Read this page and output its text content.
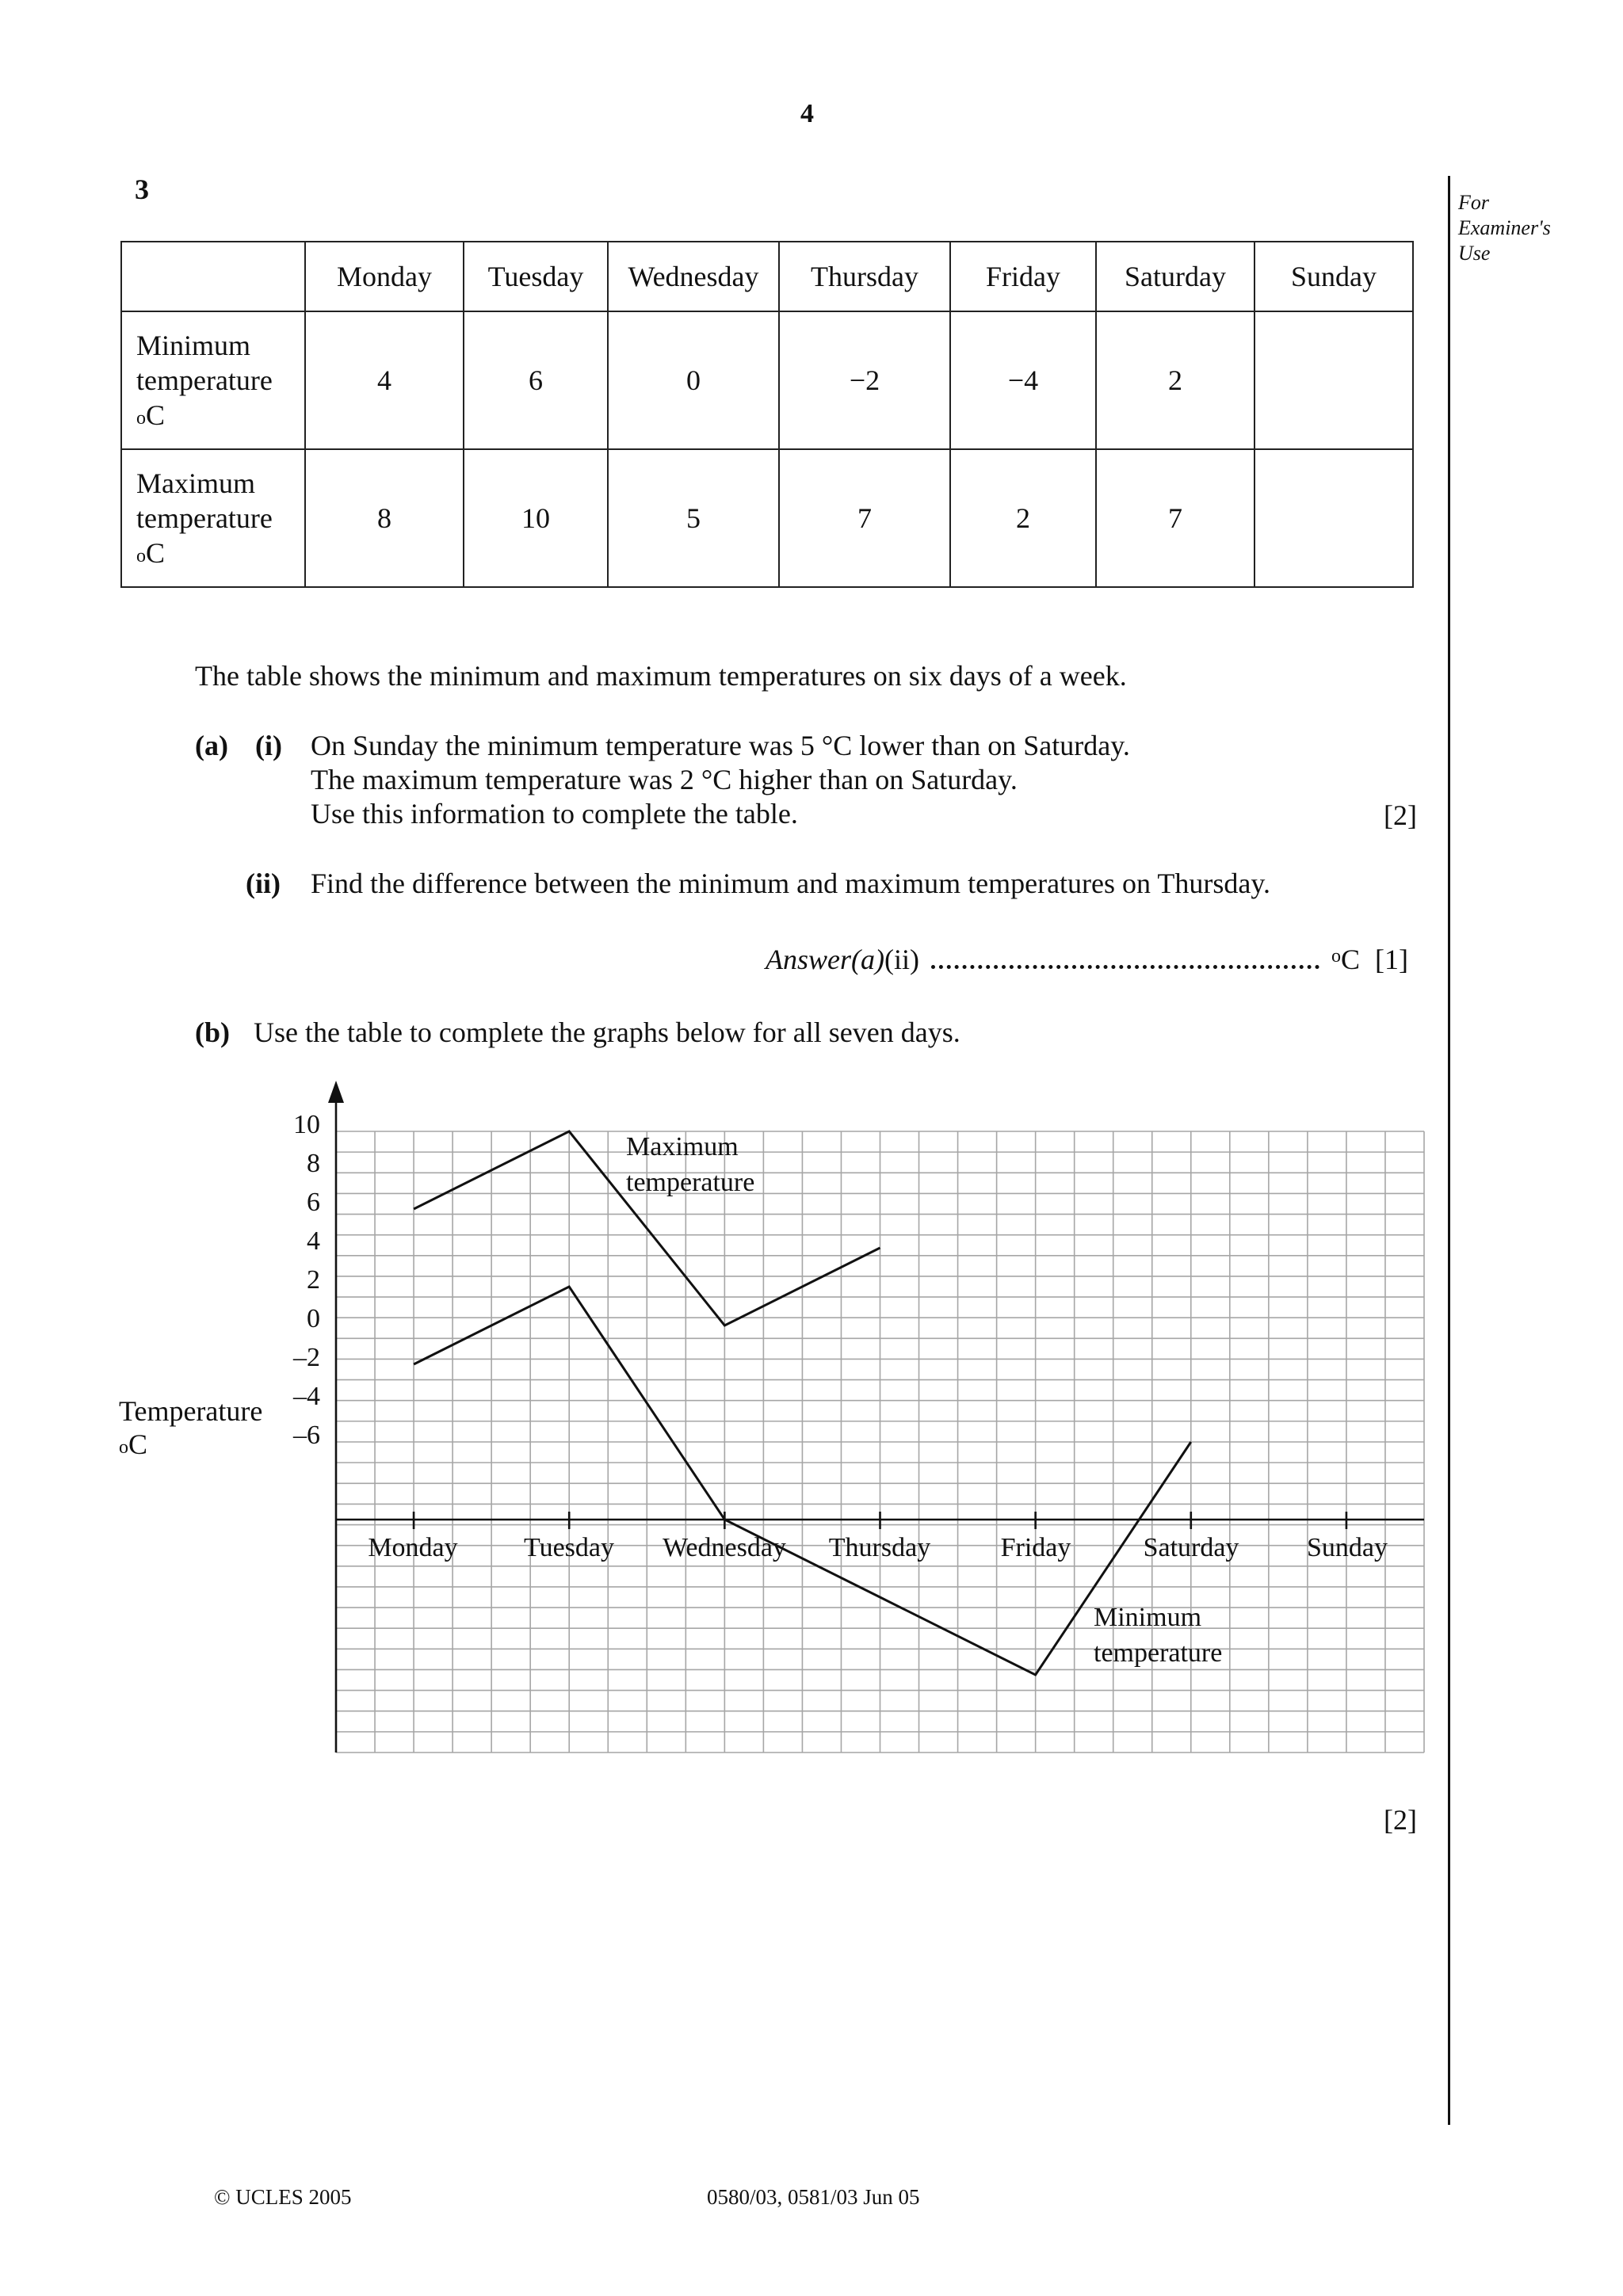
4
3	For
Examiner's
Use
	Monday	Tuesday	Wednesday	Thursday	Friday	Saturday	Sunday

Minimum
temperature
$^o$C	4	6	0	−2	−4	2	

Maximum
temperature
$^o$C	8	10	5	7	2	7	
The table shows the minimum and maximum temperatures on six days of a week.
(a) (i) On Sunday the minimum temperature was 5 °C lower than on Saturday.
The maximum temperature was 2 °C higher than on Saturday.
Use this information to complete the table.	[2]
(ii) Find the difference between the minimum and maximum temperatures on Thursday.
Answer(a)(ii)	$^o$C [1]
(b) Use the table to complete the graphs below for all seven days.
Temperature
$^o$C
10
8
6
4
2
0
–2
–4
–6
Monday Tuesday Wednesday Thursday	Friday	Saturday	Sunday
Maximum
temperature
Minimum
temperature
[2]
© UCLES 2005	0580/03, 0581/03 Jun 05
